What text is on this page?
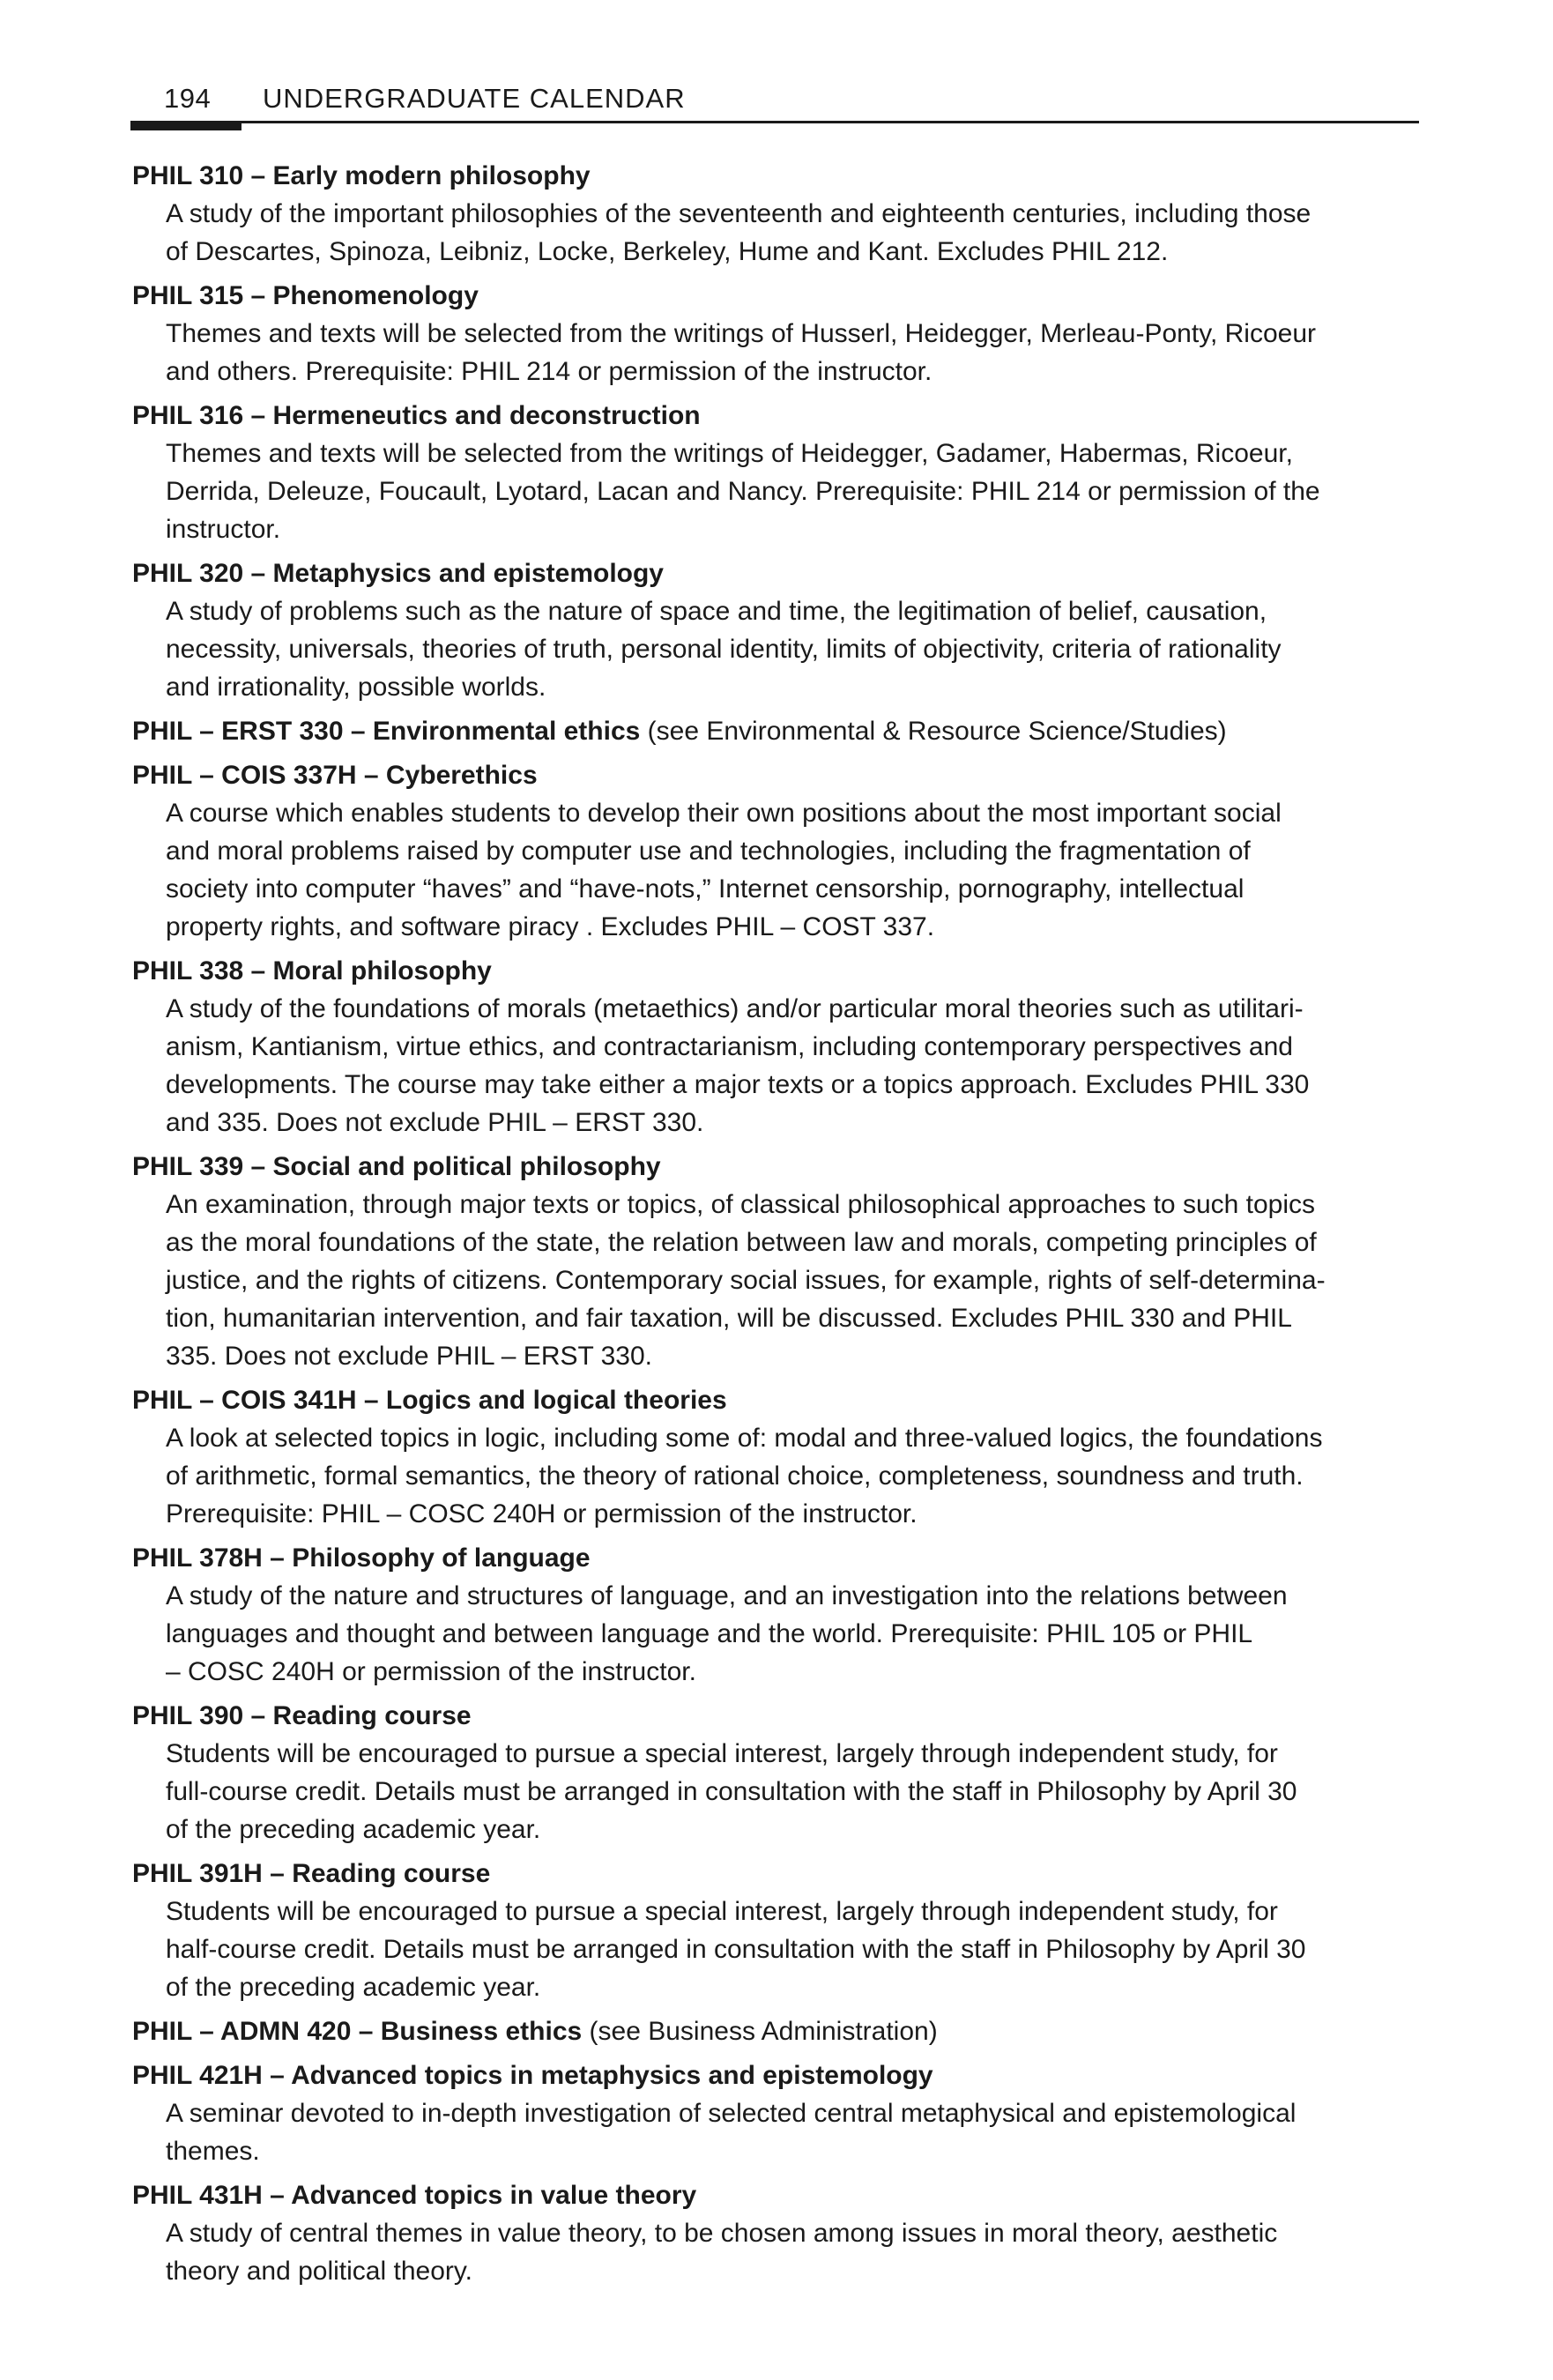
194 UNDERGRADUATE CALENDAR
PHIL 310 – Early modern philosophy
A study of the important philosophies of the seventeenth and eighteenth centuries, including those
of Descartes, Spinoza, Leibniz, Locke, Berkeley, Hume and Kant. Excludes PHIL 212.
PHIL 315 – Phenomenology
Themes and texts will be selected from the writings of Husserl, Heidegger, Merleau-Ponty, Ricoeur
and others. Prerequisite: PHIL 214 or permission of the instructor.
PHIL 316 – Hermeneutics and deconstruction
Themes and texts will be selected from the writings of Heidegger, Gadamer, Habermas, Ricoeur,
Derrida, Deleuze, Foucault, Lyotard, Lacan and Nancy. Prerequisite: PHIL 214 or permission of the
instructor.
PHIL 320 – Metaphysics and epistemology
A study of problems such as the nature of space and time, the legitimation of belief, causation,
necessity, universals, theories of truth, personal identity, limits of objectivity, criteria of rationality
and irrationality, possible worlds.
PHIL – ERST 330 – Environmental ethics (see Environmental & Resource Science/Studies)
PHIL – COIS 337H – Cyberethics
A course which enables students to develop their own positions about the most important social
and moral problems raised by computer use and technologies, including the fragmentation of
society into computer “haves” and “have-nots,” Internet censorship, pornography, intellectual
property rights, and software piracy . Excludes PHIL – COST 337.
PHIL 338 – Moral philosophy
A study of the foundations of morals (metaethics) and/or particular moral theories such as utilitari-
anism, Kantianism, virtue ethics, and contractarianism, including contemporary perspectives and
developments. The course may take either a major texts or a topics approach. Excludes PHIL 330
and 335. Does not exclude PHIL – ERST 330.
PHIL 339 – Social and political philosophy
An examination, through major texts or topics, of classical philosophical approaches to such topics
as the moral foundations of the state, the relation between law and morals, competing principles of
justice, and the rights of citizens. Contemporary social issues, for example, rights of self-determina-
tion, humanitarian intervention, and fair taxation, will be discussed. Excludes PHIL 330 and PHIL
335. Does not exclude PHIL – ERST 330.
PHIL – COIS 341H – Logics and logical theories
A look at selected topics in logic, including some of: modal and three-valued logics, the foundations
of arithmetic, formal semantics, the theory of rational choice, completeness, soundness and truth.
Prerequisite: PHIL – COSC 240H or permission of the instructor.
PHIL 378H – Philosophy of language
A study of the nature and structures of language, and an investigation into the relations between
languages and thought and between language and the world. Prerequisite: PHIL 105 or PHIL
– COSC 240H or permission of the instructor.
PHIL 390 – Reading course
Students will be encouraged to pursue a special interest, largely through independent study, for
full-course credit. Details must be arranged in consultation with the staff in Philosophy by April 30
of the preceding academic year.
PHIL 391H – Reading course
Students will be encouraged to pursue a special interest, largely through independent study, for
half-course credit. Details must be arranged in consultation with the staff in Philosophy by April 30
of the preceding academic year.
PHIL – ADMN 420 – Business ethics (see Business Administration)
PHIL 421H – Advanced topics in metaphysics and epistemology
A seminar devoted to in-depth investigation of selected central metaphysical and epistemological
themes.
PHIL 431H – Advanced topics in value theory
A study of central themes in value theory, to be chosen among issues in moral theory, aesthetic
theory and political theory.
